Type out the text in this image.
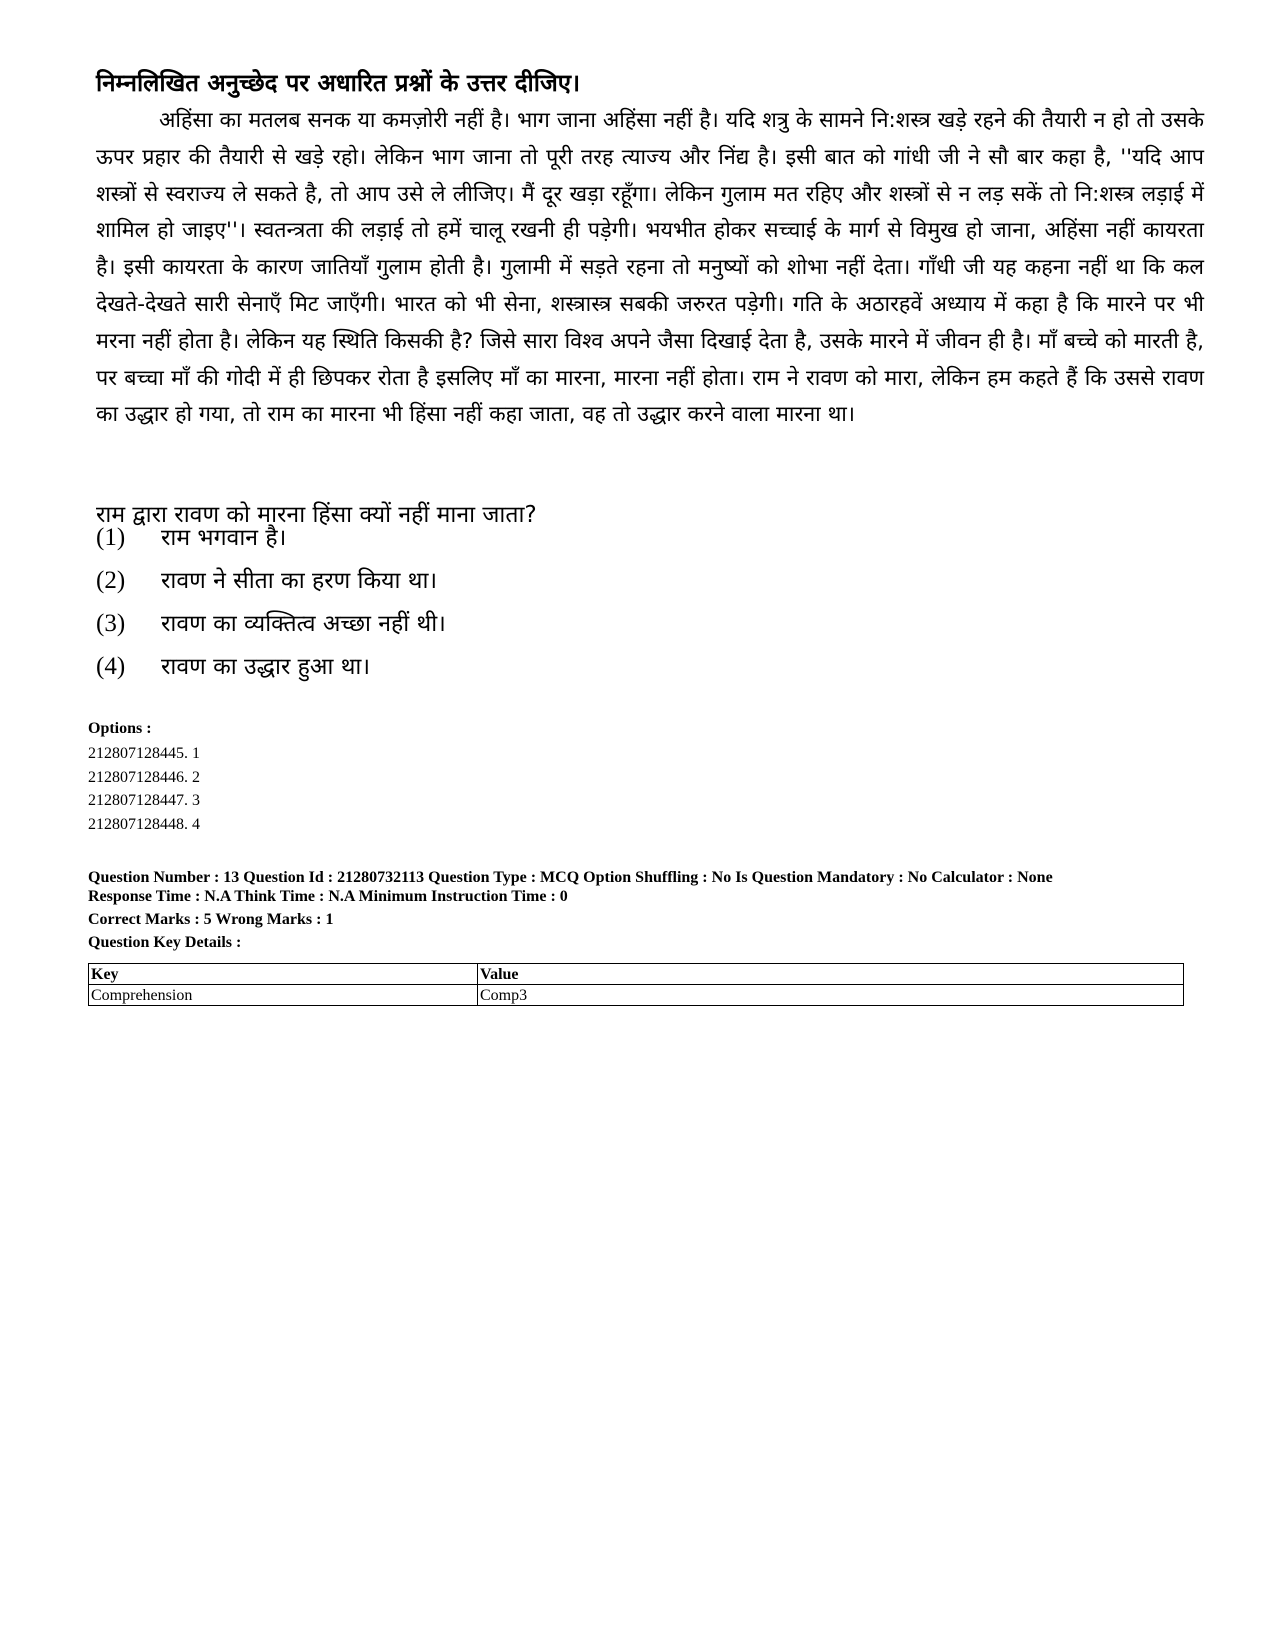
निम्नलिखित अनुच्छेद पर अधारित प्रश्नों के उत्तर दीजिए।

अहिंसा का मतलब सनक या कमज़ोरी नहीं है। भाग जाना अहिंसा नहीं है। यदि शत्रु के सामने नि:शस्त्र खड़े रहने की तैयारी न हो तो उसके ऊपर प्रहार की तैयारी से खड़े रहो। लेकिन भाग जाना तो पूरी तरह त्याज्य और निंद्य है। इसी बात को गांधी जी ने सौ बार कहा है, ''यदि आप शस्त्रों से स्वराज्य ले सकते है, तो आप उसे ले लीजिए। मैं दूर खड़ा रहूँगा। लेकिन गुलाम मत रहिए और शस्त्रों से न लड़ सकें तो नि:शस्त्र लड़ाई में शामिल हो जाइए''। स्वतन्त्रता की लड़ाई तो हमें चालू रखनी ही पड़ेगी। भयभीत होकर सच्चाई के मार्ग से विमुख हो जाना, अहिंसा नहीं कायरता है। इसी कायरता के कारण जातियाँ गुलाम होती है। गुलामी में सड़ते रहना तो मनुष्यों को शोभा नहीं देता। गाँधी जी यह कहना नहीं था कि कल देखते-देखते सारी सेनाएँ मिट जाएँगी। भारत को भी सेना, शस्त्रास्त्र सबकी जरुरत पड़ेगी। गति के अठारहवें अध्याय में कहा है कि मारने पर भी मरना नहीं होता है। लेकिन यह स्थिति किसकी है? जिसे सारा विश्व अपने जैसा दिखाई देता है, उसके मारने में जीवन ही है। माँ बच्चे को मारती है, पर बच्चा माँ की गोदी में ही छिपकर रोता है इसलिए माँ का मारना, मारना नहीं होता। राम ने रावण को मारा, लेकिन हम कहते हैं कि उससे रावण का उद्धार हो गया, तो राम का मारना भी हिंसा नहीं कहा जाता, वह तो उद्धार करने वाला मारना था।

राम द्वारा रावण को मारना हिंसा क्यों नहीं माना जाता?

(1) राम भगवान है।
(2) रावण ने सीता का हरण किया था।
(3) रावण का व्यक्तित्व अच्छा नहीं थी।
(4) रावण का उद्धार हुआ था।
Options :
212807128445. 1
212807128446. 2
212807128447. 3
212807128448. 4
Question Number : 13 Question Id : 21280732113 Question Type : MCQ Option Shuffling : No Is Question Mandatory : No Calculator : None
Response Time : N.A Think Time : N.A Minimum Instruction Time : 0
Correct Marks : 5 Wrong Marks : 1
Question Key Details :
Key	Value
Comprehension	Comp3
